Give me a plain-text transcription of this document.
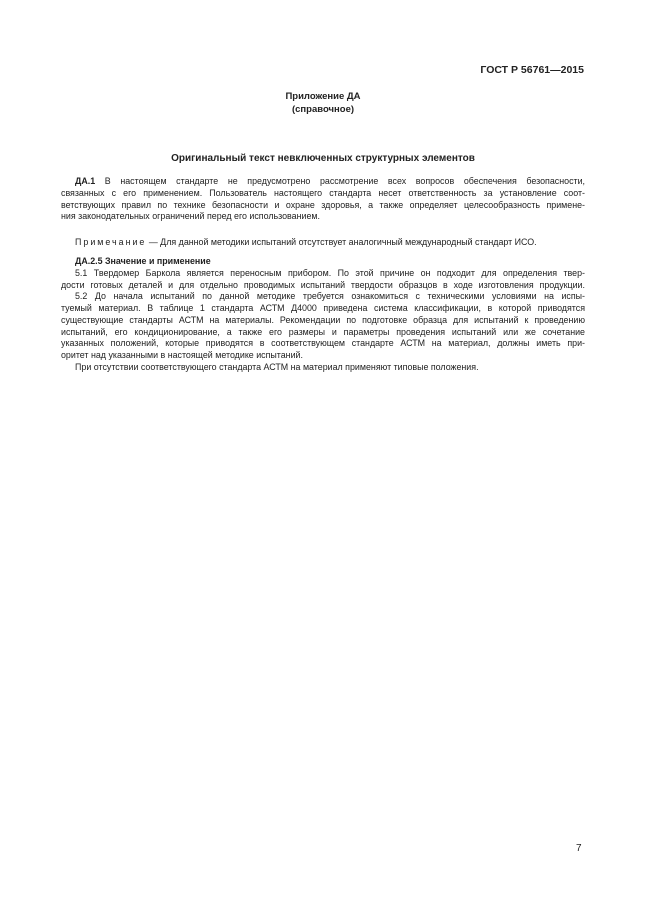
ГОСТ Р 56761—2015
Приложение ДА
(справочное)
Оригинальный текст невключенных структурных элементов
ДА.1 В настоящем стандарте не предусмотрено рассмотрение всех вопросов обеспечения безопасности,
связанных с его применением. Пользователь настоящего стандарта несет ответственность за установление соот-
ветствующих правил по технике безопасности и охране здоровья, а также определяет целесообразность примене-
ния законодательных ограничений перед его использованием.
Примечание — Для данной методики испытаний отсутствует аналогичный международный стандарт ИСО.
ДА.2.5 Значение и применение
5.1 Твердомер Баркола является переносным прибором. По этой причине он подходит для определения твер-
дости готовых деталей и для отдельно проводимых испытаний твердости образцов в ходе изготовления продукции.
5.2 До начала испытаний по данной методике требуется ознакомиться с техническими условиями на испы-
туемый материал. В таблице 1 стандарта АСТМ Д4000 приведена система классификации, в которой приводятся
существующие стандарты АСТМ на материалы. Рекомендации по подготовке образца для испытаний к проведению
испытаний, его кондиционирование, а также его размеры и параметры проведения испытаний или же сочетание
указанных положений, которые приводятся в соответствующем стандарте АСТМ на материал, должны иметь при-
оритет над указанными в настоящей методике испытаний.
При отсутствии соответствующего стандарта АСТМ на материал применяют типовые положения.
7
